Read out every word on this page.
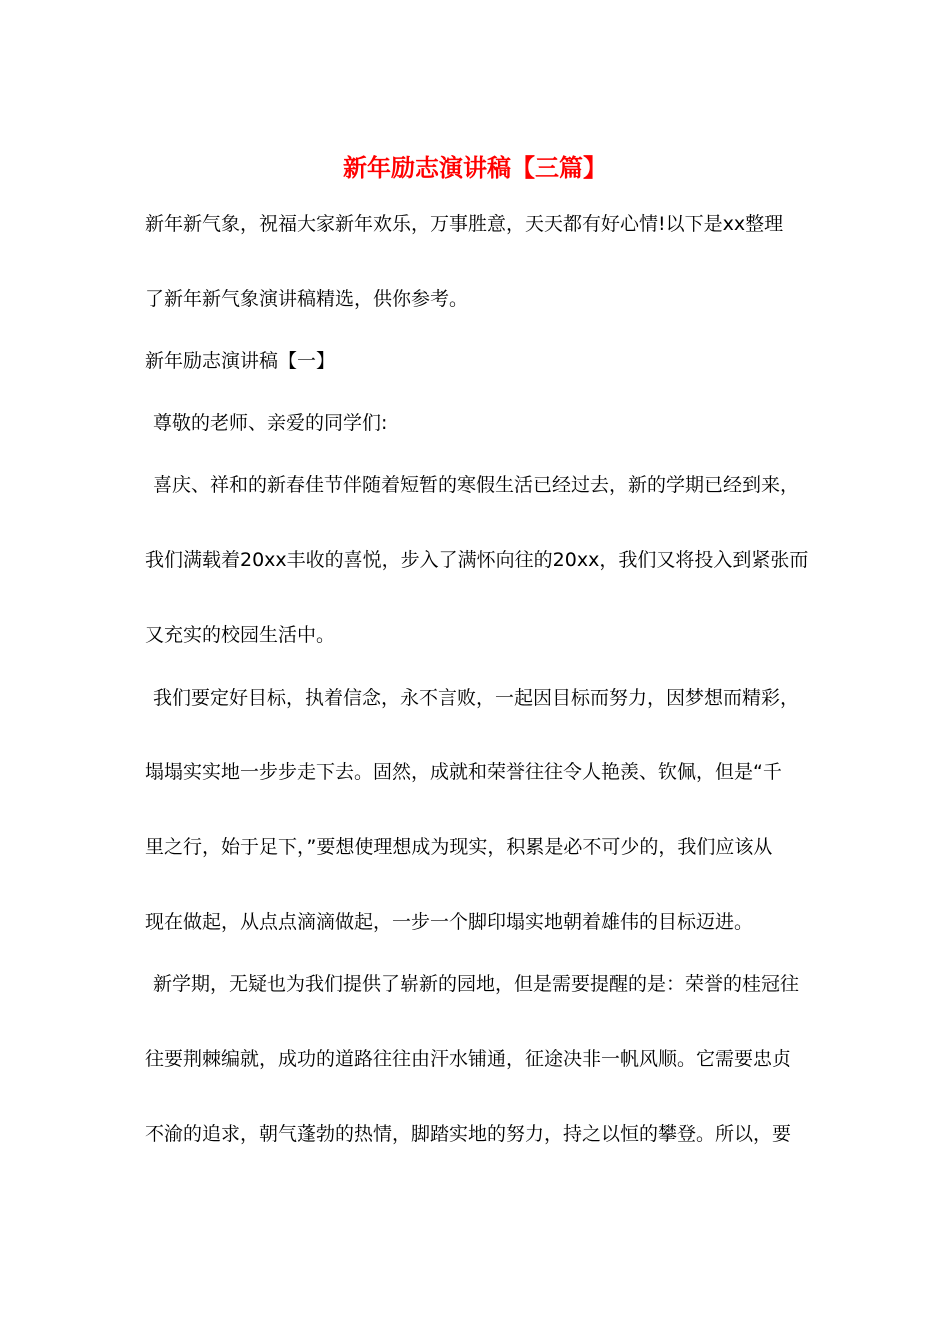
新年励志演讲稿【三篇】

新年新气象，祝福大家新年欢乐，万事胜意，天天都有好心情!以下是xx整理

了新年新气象演讲稿精选，供你参考。

新年励志演讲稿【一】

尊敬的老师、亲爱的同学们:

喜庆、祥和的新春佳节伴随着短暂的寒假生活已经过去，新的学期已经到来，

我们满载着20xx丰收的喜悦，步入了满怀向往的20xx，我们又将投入到紧张而

又充实的校园生活中。

我们要定好目标，执着信念，永不言败，一起因目标而努力，因梦想而精彩，

塌塌实实地一步步走下去。固然，成就和荣誉往往令人艳羡、钦佩，但是“千

里之行，始于足下，”要想使理想成为现实，积累是必不可少的，我们应该从

现在做起，从点点滴滴做起，一步一个脚印塌实地朝着雄伟的目标迈进。

新学期，无疑也为我们提供了崭新的园地，但是需要提醒的是：荣誉的桂冠往

往要荆棘编就，成功的道路往往由汗水铺通，征途决非一帆风顺。它需要忠贞

不渝的追求，朝气蓬勃的热情，脚踏实地的努力，持之以恒的攀登。所以，要
